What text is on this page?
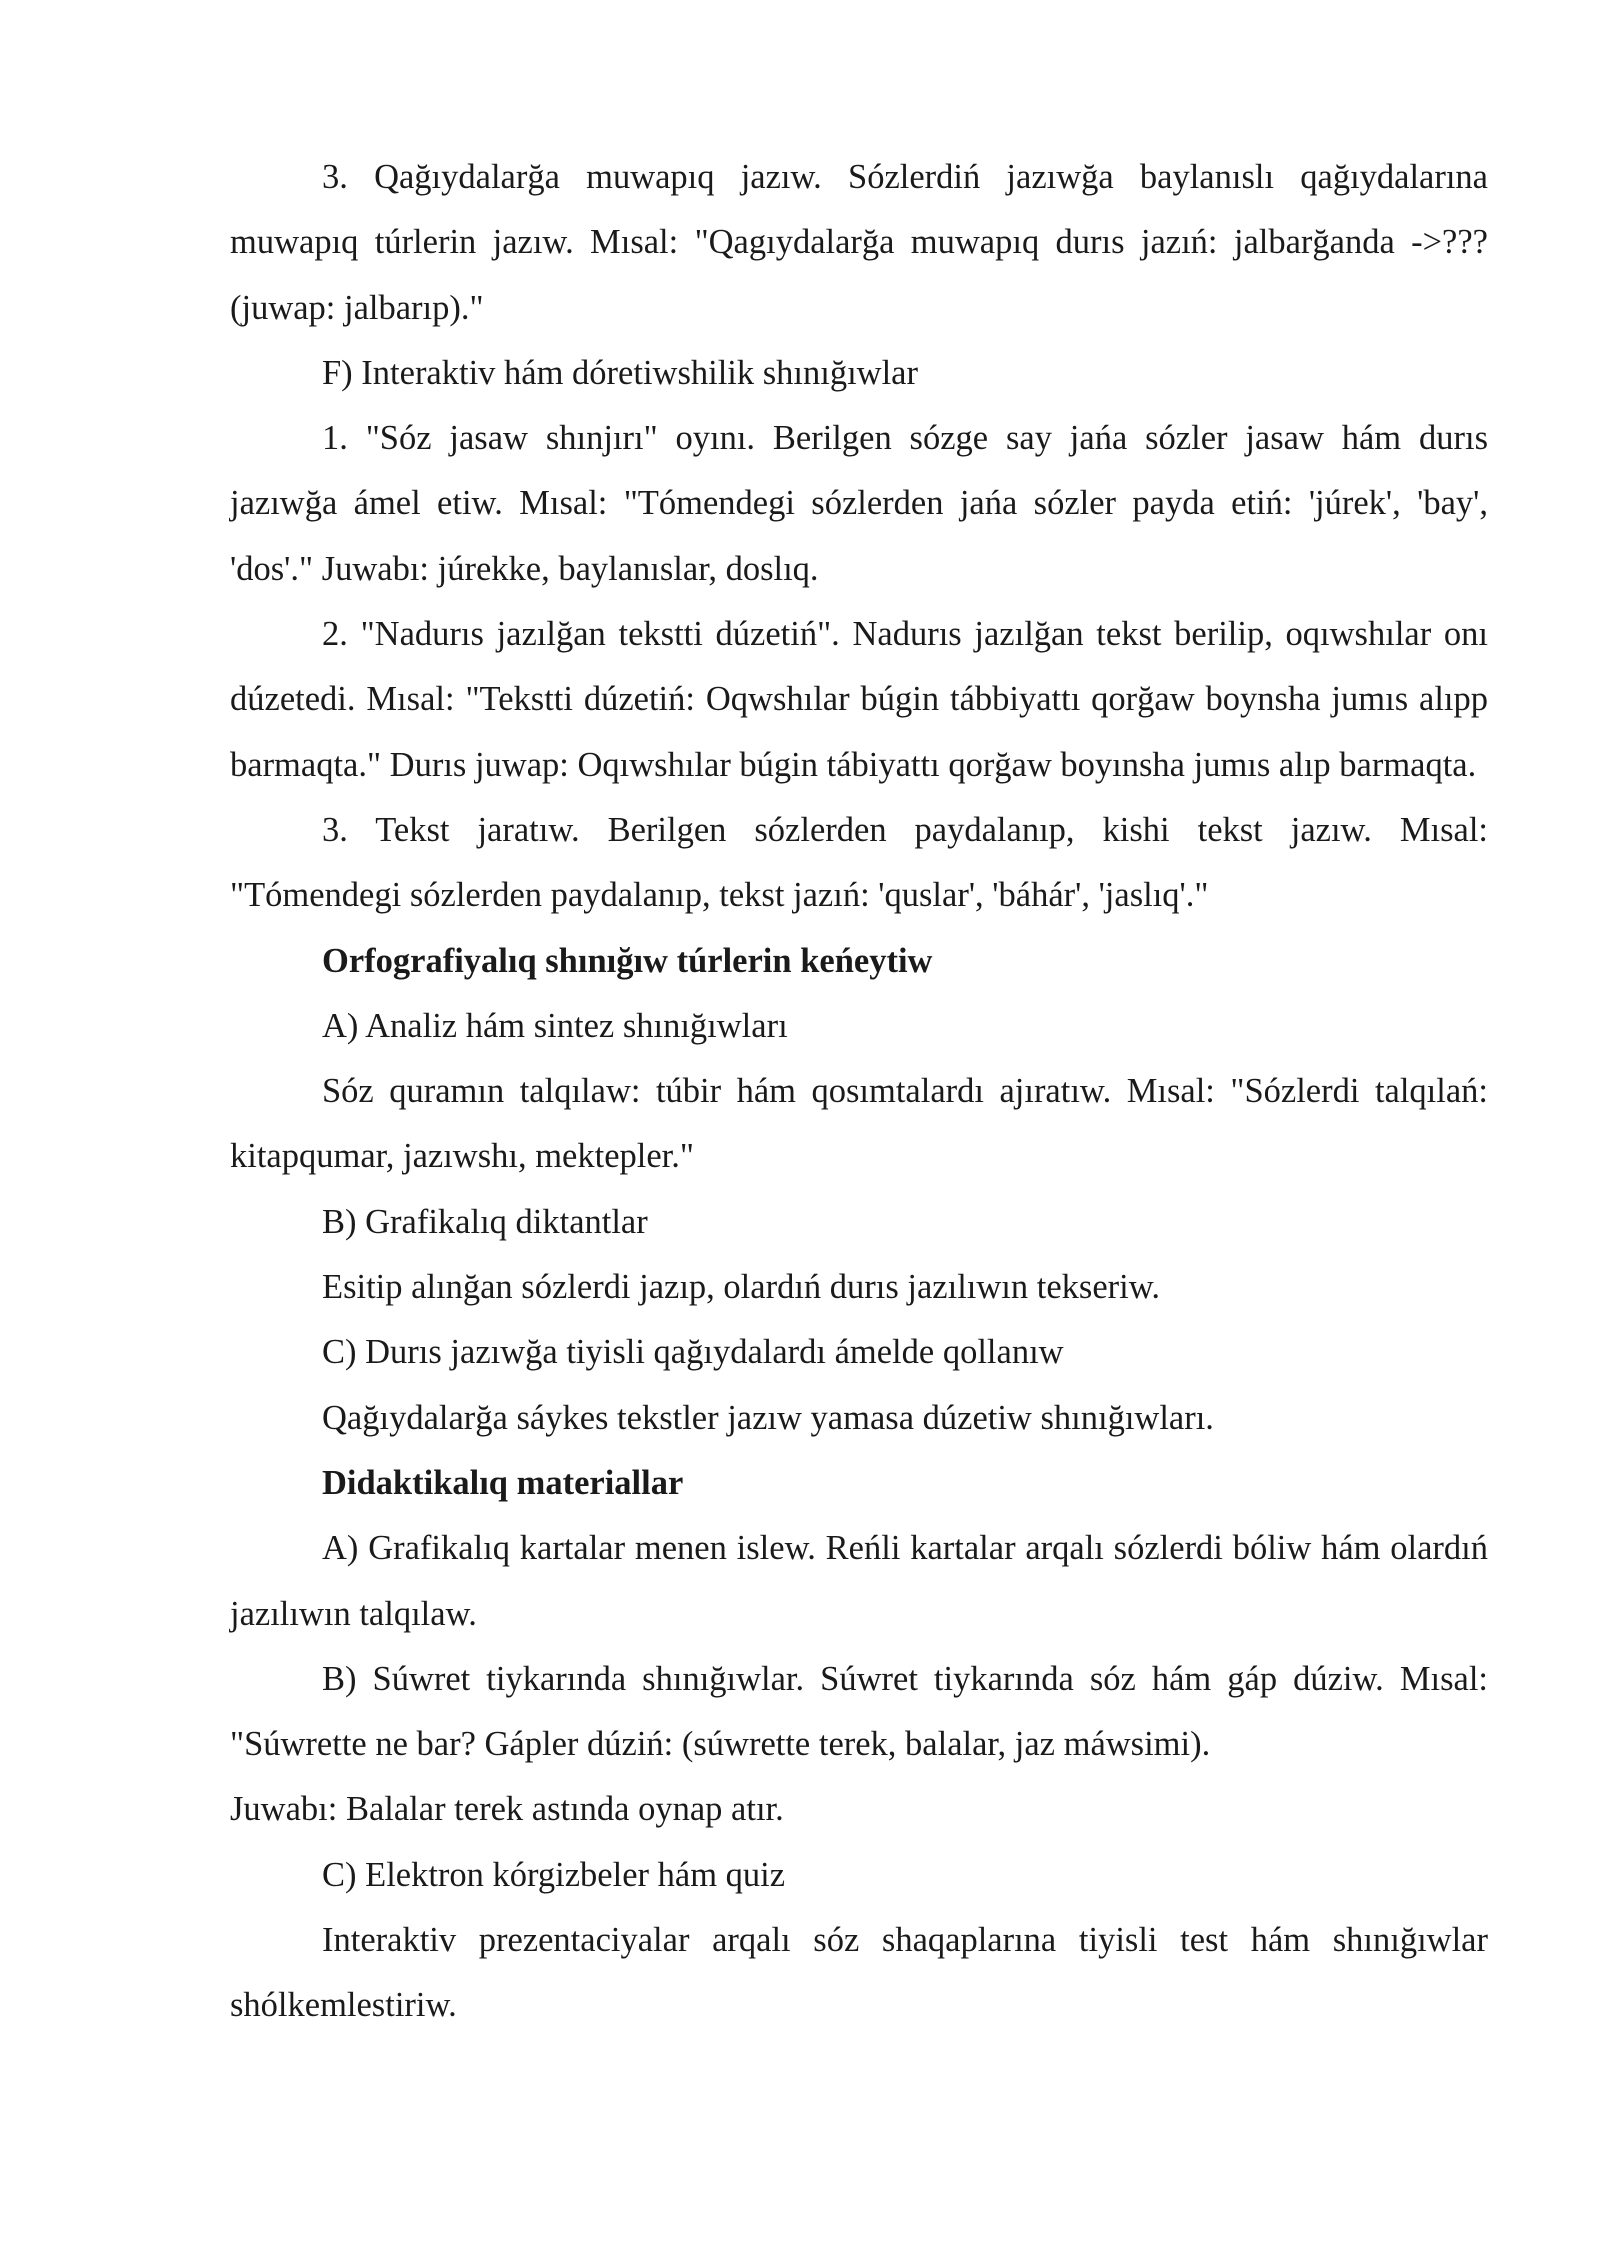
3. Qağıydalarğa muwapıq jazıw. Sózlerdiń jazıwğa baylanıslı qağıydalarına muwapıq túrlerin jazıw. Mısal: "Qagıydalarğa muwapıq durıs jazıń: jalbarğanda ->??? (juwap: jalbarıp)."

F) Interaktiv hám dóretiwshilik shınığıwlar

1. "Sóz jasaw shınjırı" oyını. Berilgen sózge say jańa sózler jasaw hám durıs jazıwğa ámel etiw. Mısal: "Tómendegi sózlerden jańa sózler payda etiń: 'júrek', 'bay', 'dos'." Juwabı: júrekke, baylanıslar, doslıq.

2. "Nadurıs jazılğan tekstti dúzetiń". Nadurıs jazılğan tekst berilip, oqıwshılar onı dúzetedi. Mısal: "Tekstti dúzetiń: Oqwshılar búgin tábbiyattı qorğaw boynsha jumıs alıpp barmaqta." Durıs juwap: Oqıwshılar búgin tábiyattı qorğaw boyınsha jumıs alıp barmaqta.

3. Tekst jaratıw. Berilgen sózlerden paydalanıp, kishi tekst jazıw. Mısal: "Tómendegi sózlerden paydalanıp, tekst jazıń: 'quslar', 'báhár', 'jaslıq'."

Orfografiyalıq shınığıw túrlerin keńeytiw

A) Analiz hám sintez shınığıwları

Sóz quramın talqılaw: túbir hám qosımtalardı ajıratıw. Mısal: "Sózlerdi talqılań: kitapqumar, jazıwshı, mektepler."

B) Grafikalıq diktantlar

Esitip alınğan sózlerdi jazıp, olardıń durıs jazılıwın tekseriw.

C) Durıs jazıwğa tiyisli qağıydalardı ámelde qollanıw

Qağıydalarğa sáykes tekstler jazıw yamasa dúzetiw shınığıwları.

Didaktikalıq materiallar

A) Grafikalıq kartalar menen islew. Reńli kartalar arqalı sózlerdi bóliw hám olardıń jazılıwın talqılaw.

B) Súwret tiykarında shınığıwlar. Súwret tiykarında sóz hám gáp dúziw. Mısal: "Súwrette ne bar? Gápler dúziń: (súwrette terek, balalar, jaz máwsimi).

Juwabı: Balalar terek astında oynap atır.

C) Elektron kórgizbeler hám quiz

Interaktiv prezentaciyalar arqalı sóz shaqaplarına tiyisli test hám shınığıwlar shólkemlestiriw.
